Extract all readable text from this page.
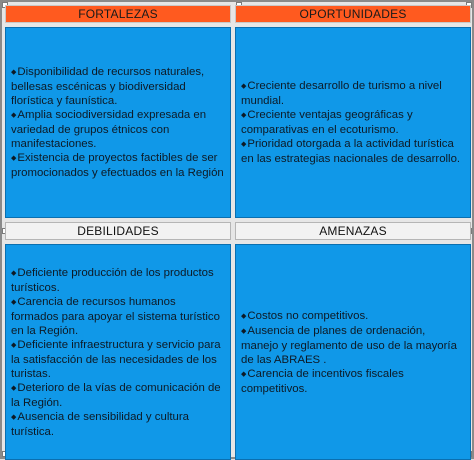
FORTALEZAS	OPORTUNIDADES
◆Disponibilidad de recursos naturales, bellesas escénicas y biodiversidad florística y faunística.
◆Amplia sociodiversidad expresada en variedad de grupos étnicos con manifestaciones.
◆Existencia de proyectos factibles de ser promocionados y efectuados en la Región
◆Creciente desarrollo de turismo a nivel mundial.
◆Creciente ventajas geográficas y comparativas en el ecoturismo.
◆Prioridad otorgada a la actividad turística en las estrategias nacionales de desarrollo.
DEBILIDADES	AMENAZAS
◆Deficiente producción de los productos turísticos.
◆Carencia de recursos humanos formados para apoyar el sistema turístico en la Región.
◆Deficiente infraestructura y servicio para la satisfacción de las necesidades de los turistas.
◆Deterioro de la vías de comunicación de la Región.
◆Ausencia de sensibilidad y cultura turística.
◆Costos no competitivos.
◆Ausencia de planes de ordenación, manejo y reglamento de uso de la mayoría de las ABRAES .
◆Carencia de incentivos fiscales competitivos.
